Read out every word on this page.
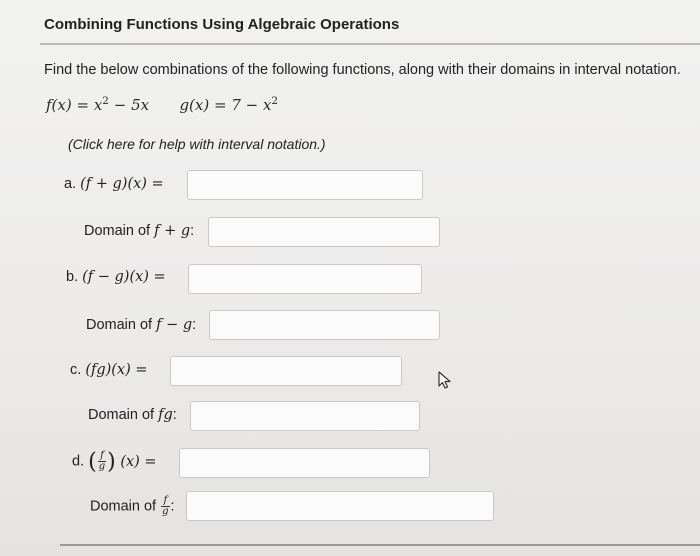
Combining Functions Using Algebraic Operations
Find the below combinations of the following functions, along with their domains in interval notation.
$f(x) = x^2 - 5x$ $g(x) = 7 - x^2$
(Click here for help with interval notation.)
a. (f + g)(x) =
Domain of f + g:
b. (f − g)(x) =
Domain of f − g:
c. (fg)(x) =
Domain of fg:
d. ( $\frac{f}{g}$ ) (x) =
Domain of $\frac{f}{g}$ :
